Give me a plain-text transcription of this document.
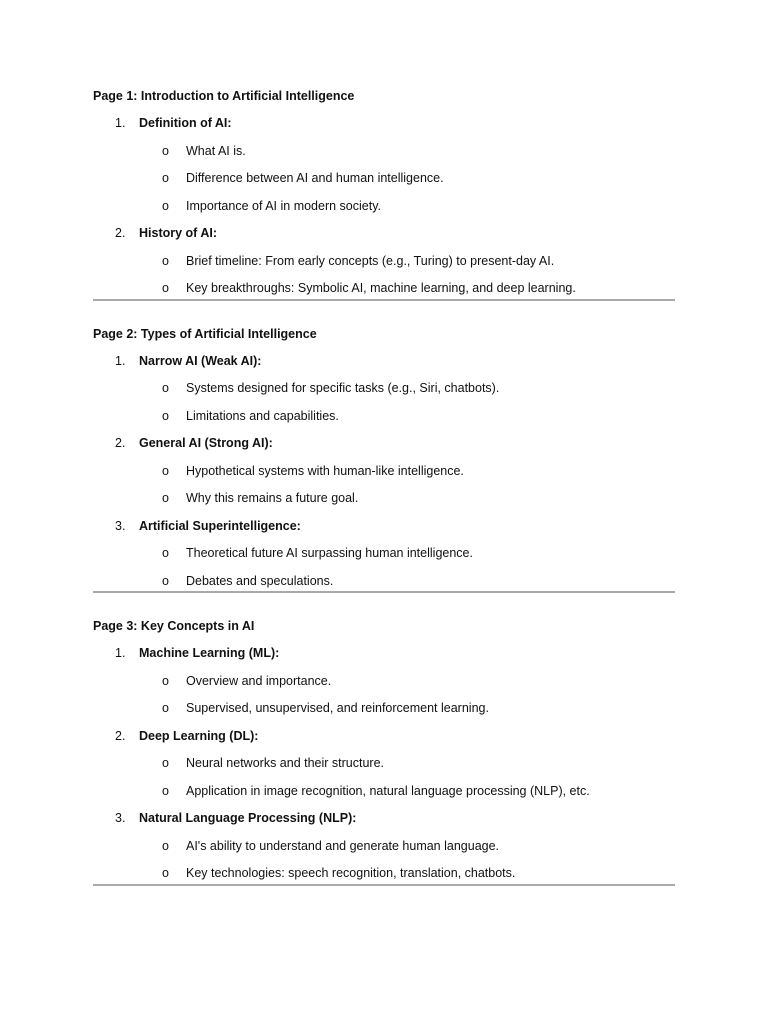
Page 1: Introduction to Artificial Intelligence
1. Definition of AI:
o What AI is.
o Difference between AI and human intelligence.
o Importance of AI in modern society.
2. History of AI:
o Brief timeline: From early concepts (e.g., Turing) to present-day AI.
o Key breakthroughs: Symbolic AI, machine learning, and deep learning.
Page 2: Types of Artificial Intelligence
1. Narrow AI (Weak AI):
o Systems designed for specific tasks (e.g., Siri, chatbots).
o Limitations and capabilities.
2. General AI (Strong AI):
o Hypothetical systems with human-like intelligence.
o Why this remains a future goal.
3. Artificial Superintelligence:
o Theoretical future AI surpassing human intelligence.
o Debates and speculations.
Page 3: Key Concepts in AI
1. Machine Learning (ML):
o Overview and importance.
o Supervised, unsupervised, and reinforcement learning.
2. Deep Learning (DL):
o Neural networks and their structure.
o Application in image recognition, natural language processing (NLP), etc.
3. Natural Language Processing (NLP):
o AI's ability to understand and generate human language.
o Key technologies: speech recognition, translation, chatbots.
